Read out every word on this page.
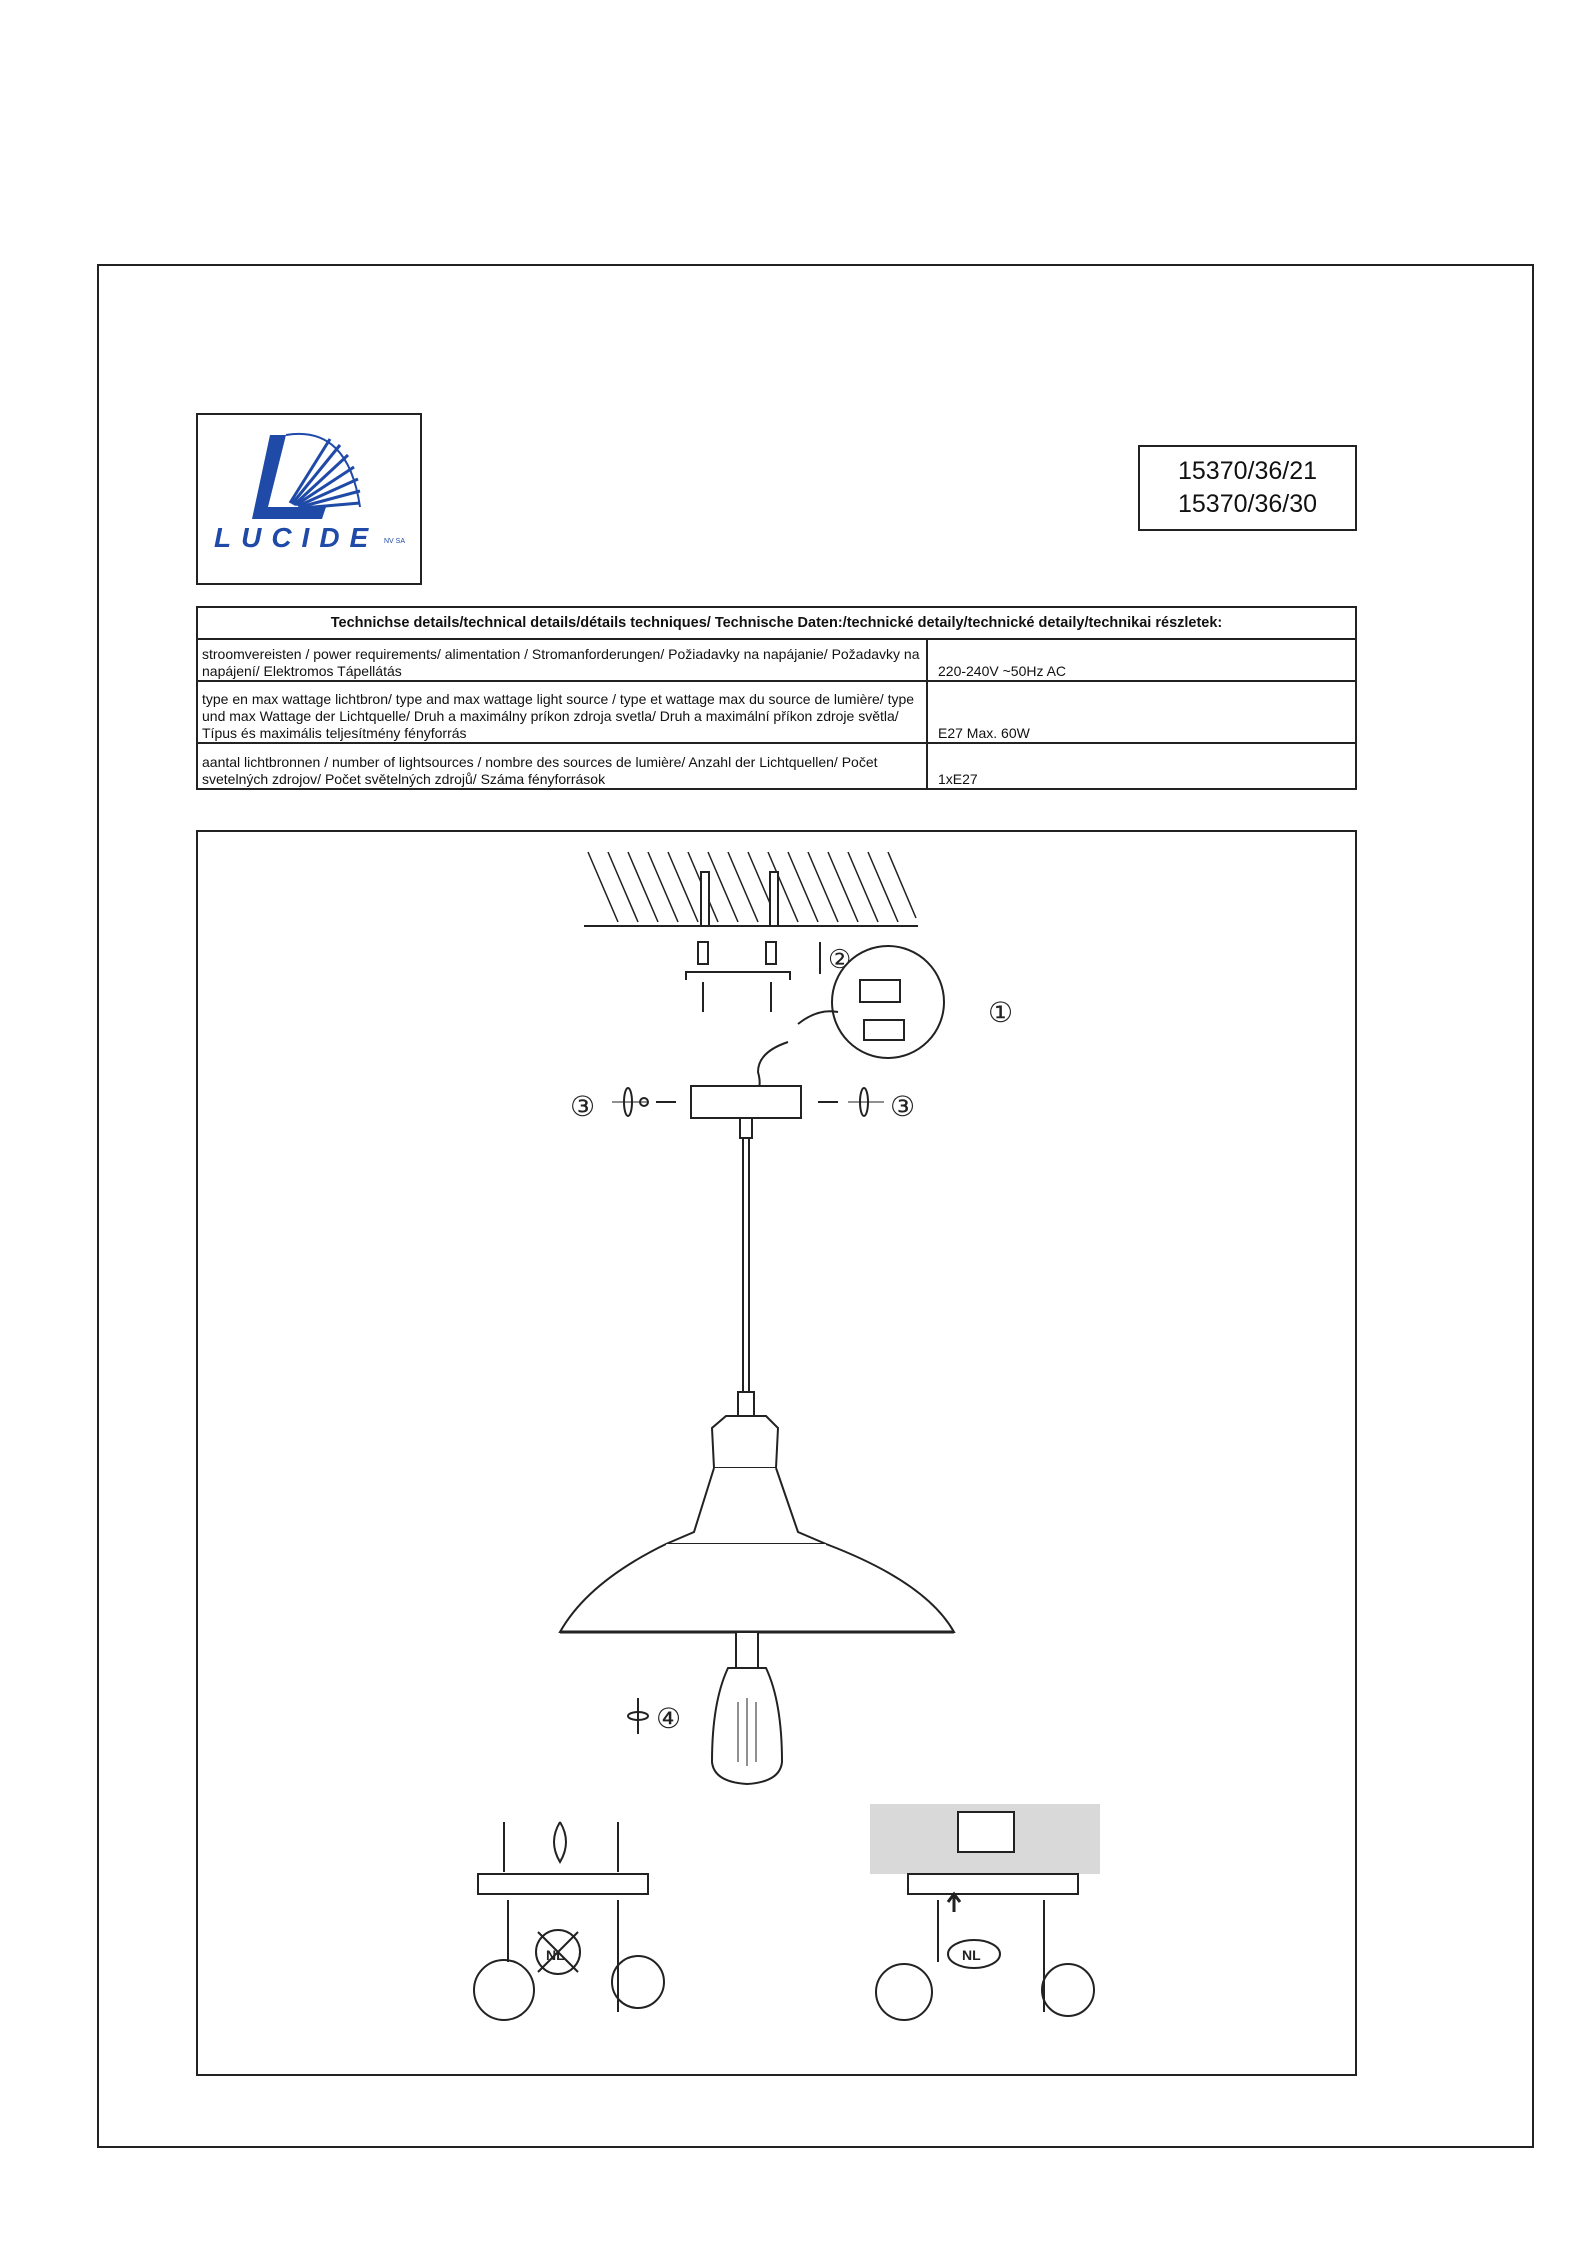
LUCIDE NV SA
15370/36/21
15370/36/30
Technichse details/technical details/détails techniques/ Technische Daten:/technické detaily/technické detaily/technikai részletek:	
stroomvereisten / power requirements/ alimentation / Stromanforderungen/ Požiadavky na napájanie/ Požadavky na napájení/ Elektromos Tápellátás	220-240V ~50Hz AC
type en max wattage lichtbron/ type and max wattage light source / type et wattage max du source de lumière/ type und max Wattage der Lichtquelle/ Druh a maximálny príkon zdroja svetla/ Druh a maximální příkon zdroje světla/ Típus és maximális teljesítmény fényforrás	E27 Max. 60W
aantal lichtbronnen / number of lightsources / nombre des sources de lumière/ Anzahl der Lichtquellen/ Počet svetelných zdrojov/ Počet světelných zdrojů/ Száma fényforrások	1xE27
②
①
③	③
④
NL	NL
